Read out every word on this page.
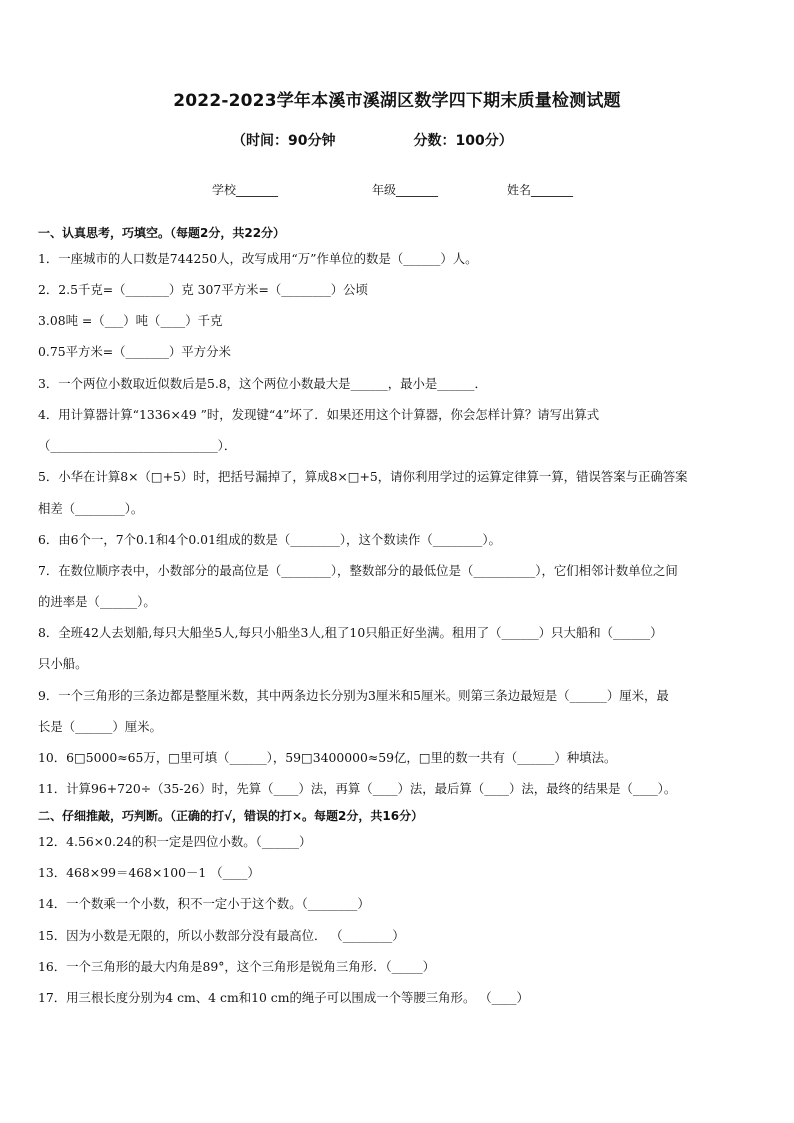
2022-2023学年本溪市溪湖区数学四下期末质量检测试题
（时间：90分钟                分数：100分）
学校_______	年级_______	姓名_______
一、认真思考，巧填空。（每题2分，共22分）
1．一座城市的人口数是744250人，改写成用“万”作单位的数是（______）人。
2．2.5千克=（_______）克 307平方米=（________）公顷
3.08吨 =（___）吨（____）千克
0.75平方米=（_______）平方分米
3．一个两位小数取近似数后是5.8，这个两位小数最大是______，最小是______．
4．用计算器计算“1336×49 ”时，发现键“4”坏了．如果还用这个计算器，你会怎样计算？请写出算式
（___________________________）．
5．小华在计算8×（□+5）时，把括号漏掉了，算成8×□+5，请你利用学过的运算定律算一算，错误答案与正确答案
相差（________）。
6．由6个一，7个0.1和4个0.01组成的数是（________），这个数读作（________）。
7．在数位顺序表中，小数部分的最高位是（________），整数部分的最低位是（__________），它们相邻计数单位之间
的进率是（______）。
8．全班42人去划船,每只大船坐5人,每只小船坐3人,租了10只船正好坐满。租用了（______）只大船和（______）
只小船。
9．一个三角形的三条边都是整厘米数，其中两条边长分别为3厘米和5厘米。则第三条边最短是（______）厘米，最
长是（______）厘米。
10．6□5000≈65万，□里可填（______），59□3400000≈59亿，□里的数一共有（______）种填法。
11．计算96+720÷（35-26）时，先算（____）法，再算（____）法，最后算（____）法，最终的结果是（____）。
二、仔细推敲，巧判断。（正确的打√，错误的打×。每题2分，共16分）
12．4.56×0.24的积一定是四位小数。（______）
13．468×99＝468×100－1 （____）
14．一个数乘一个小数，积不一定小于这个数。（________）
15．因为小数是无限的，所以小数部分没有最高位． （________）
16．一个三角形的最大内角是89°，这个三角形是锐角三角形．（_____）
17．用三根长度分别为4 cm、4 cm和10 cm的绳子可以围成一个等腰三角形。 （____）
